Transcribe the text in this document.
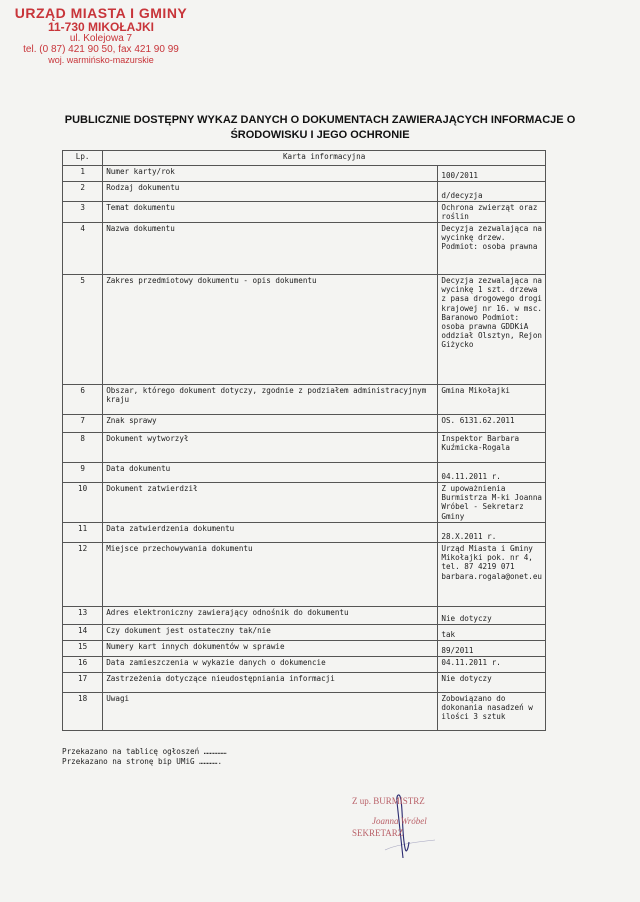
URZĄD MIASTA I GMINY
11-730 MIKOŁAJKI
ul. Kolejowa 7
tel. (0 87) 421 90 50, fax 421 90 99
woj. warmińsko-mazurskie
PUBLICZNIE DOSTĘPNY WYKAZ DANYCH O DOKUMENTACH ZAWIERAJĄCYCH INFORMACJE O ŚRODOWISKU I JEGO OCHRONIE
Lp.	Karta informacyjna	
1	Numer karty/rok	100/2011
2	Rodzaj dokumentu	d/decyzja
3	Temat dokumentu	Ochrona zwierząt oraz roślin
4	Nazwa dokumentu	Decyzja zezwalająca na wycinkę drzew. Podmiot: osoba prawna
5	Zakres przedmiotowy dokumentu - opis dokumentu	Decyzja zezwalająca na wycinkę 1 szt. drzewa z pasa drogowego drogi krajowej nr 16. w msc. Baranowo Podmiot: osoba prawna GDDKiA oddział Olsztyn, Rejon Giżycko
6	Obszar, którego dokument dotyczy, zgodnie z podziałem administracyjnym kraju	Gmina Mikołajki
7	Znak sprawy	OS. 6131.62.2011
8	Dokument wytworzył	Inspektor Barbara Kuźmicka-Rogala
9	Data dokumentu	04.11.2011 r.
10	Dokument zatwierdził	Z upoważnienia Burmistrza M-ki Joanna Wróbel - Sekretarz Gminy
11	Data zatwierdzenia dokumentu	28.X.2011 r.
12	Miejsce przechowywania dokumentu	Urząd Miasta i Gminy Mikołajki pok. nr 4, tel. 87 4219 071 barbara.rogala@onet.eu
13	Adres elektroniczny zawierający odnośnik do dokumentu	Nie dotyczy
14	Czy dokument jest ostateczny tak/nie	tak
15	Numery kart innych dokumentów w sprawie	89/2011
16	Data zamieszczenia w wykazie danych o dokumencie	04.11.2011 r.
17	Zastrzeżenia dotyczące nieudostępniania informacji	Nie dotyczy
18	Uwagi	Zobowiązano do dokonania nasadzeń w ilości 3 sztuk
Przekazano na tablicę ogłoszeń ……………
Przekazano na stronę bip UMiG ………….
Z up. BURMISTRZ
Joanna Wróbel
SEKRETARZ
